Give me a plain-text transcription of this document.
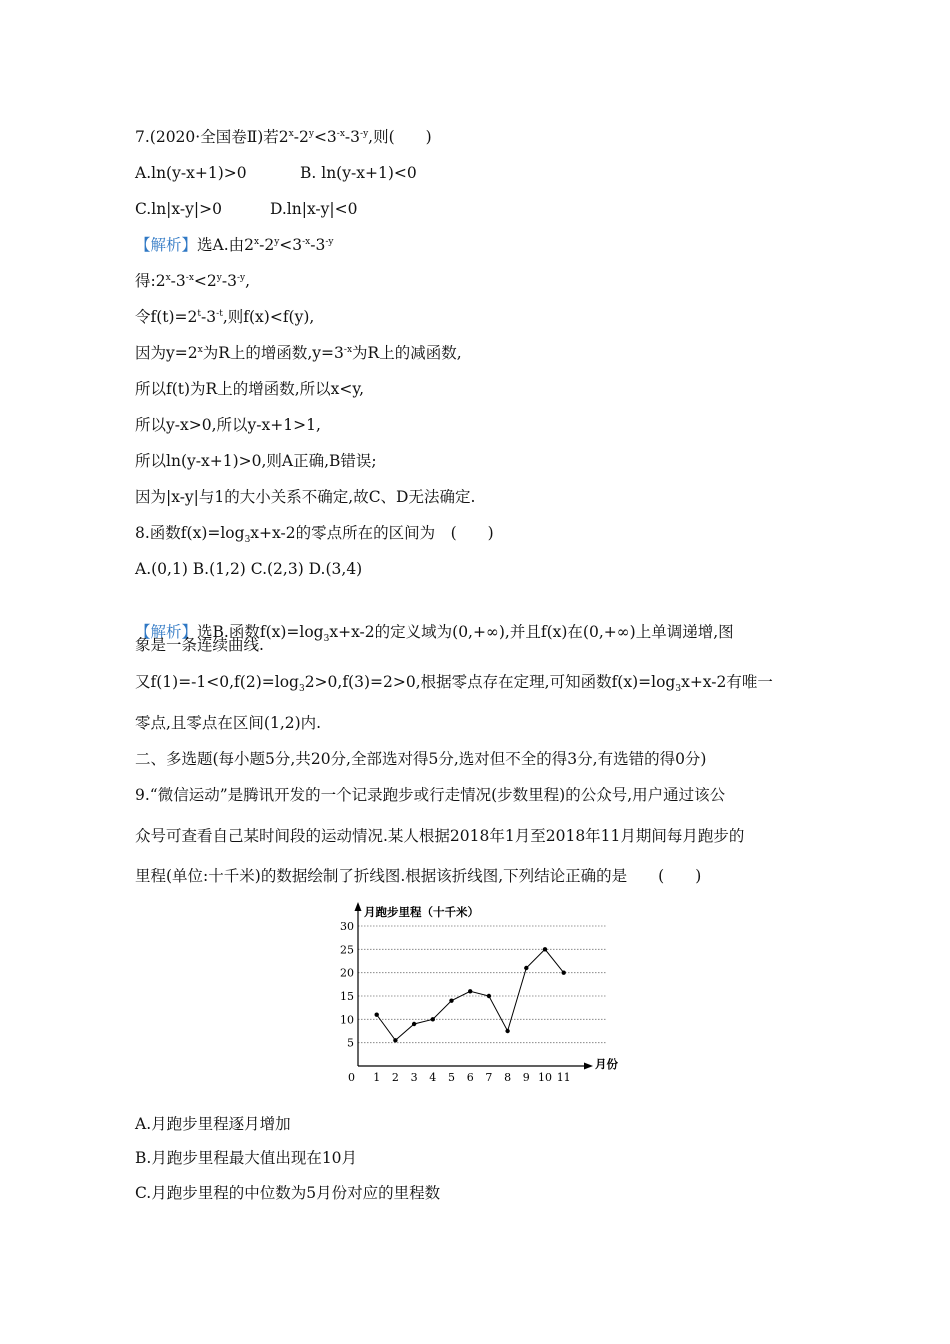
7.(2020·全国卷Ⅱ)若$2^x-2^y<3^{-x}-3^{-y}$,则(　　)
A.ln(y-x+1)>0	B. ln(y-x+1)<0
C.ln|x-y|>0	D.ln|x-y|<0
【解析】选A.由$2^x-2^y<3^{-x}-3^{-y}$
得$:2^x-3^{-x}<2^y-3^{-y}$,
令$f(t)=2^t-3^{-t}$,则f(x)<f(y),
因为$y=2^x$为R上的增函数$,y=3^{-x}$为R上的减函数,
所以f(t)为R上的增函数,所以x<y,
所以y-x>0,所以y-x+1>1,
所以ln(y-x+1)>0,则A正确,B错误;
因为|x-y|与1的大小关系不确定,故C、D无法确定.
8.函数$f(x)=\log_3x+x-2$的零点所在的区间为　(　　)
A.(0,1) B.(1,2) C.(2,3) D.(3,4)
【解析】选B.函数$f(x)=\log_3x+x-2$的定义域为(0,+∞),并且f(x)在(0,+∞)上单调递增,图
象是一条连续曲线.
又$f(1)=-1<0,f(2)=\log_32>0,f(3)=2>0$,根据零点存在定理,可知函数$f(x)=\log_3x+x-2$有唯一
零点,且零点在区间(1,2)内.
二、多选题(每小题5分,共20分,全部选对得5分,选对但不全的得3分,有选错的得0分)
9.“微信运动”是腾讯开发的一个记录跑步或行走情况(步数里程)的公众号,用户通过该公
众号可查看自己某时间段的运动情况.某人根据2018年1月至2018年11月期间每月跑步的
里程(单位:十千米)的数据绘制了折线图.根据该折线图,下列结论正确的是　　(　　)
月跑步里程（十千米）
月份
0
5
10
15
20
25
30
1 2 3 4 5 6 7 8 9 10 11
A.月跑步里程逐月增加
B.月跑步里程最大值出现在10月
C.月跑步里程的中位数为5月份对应的里程数
